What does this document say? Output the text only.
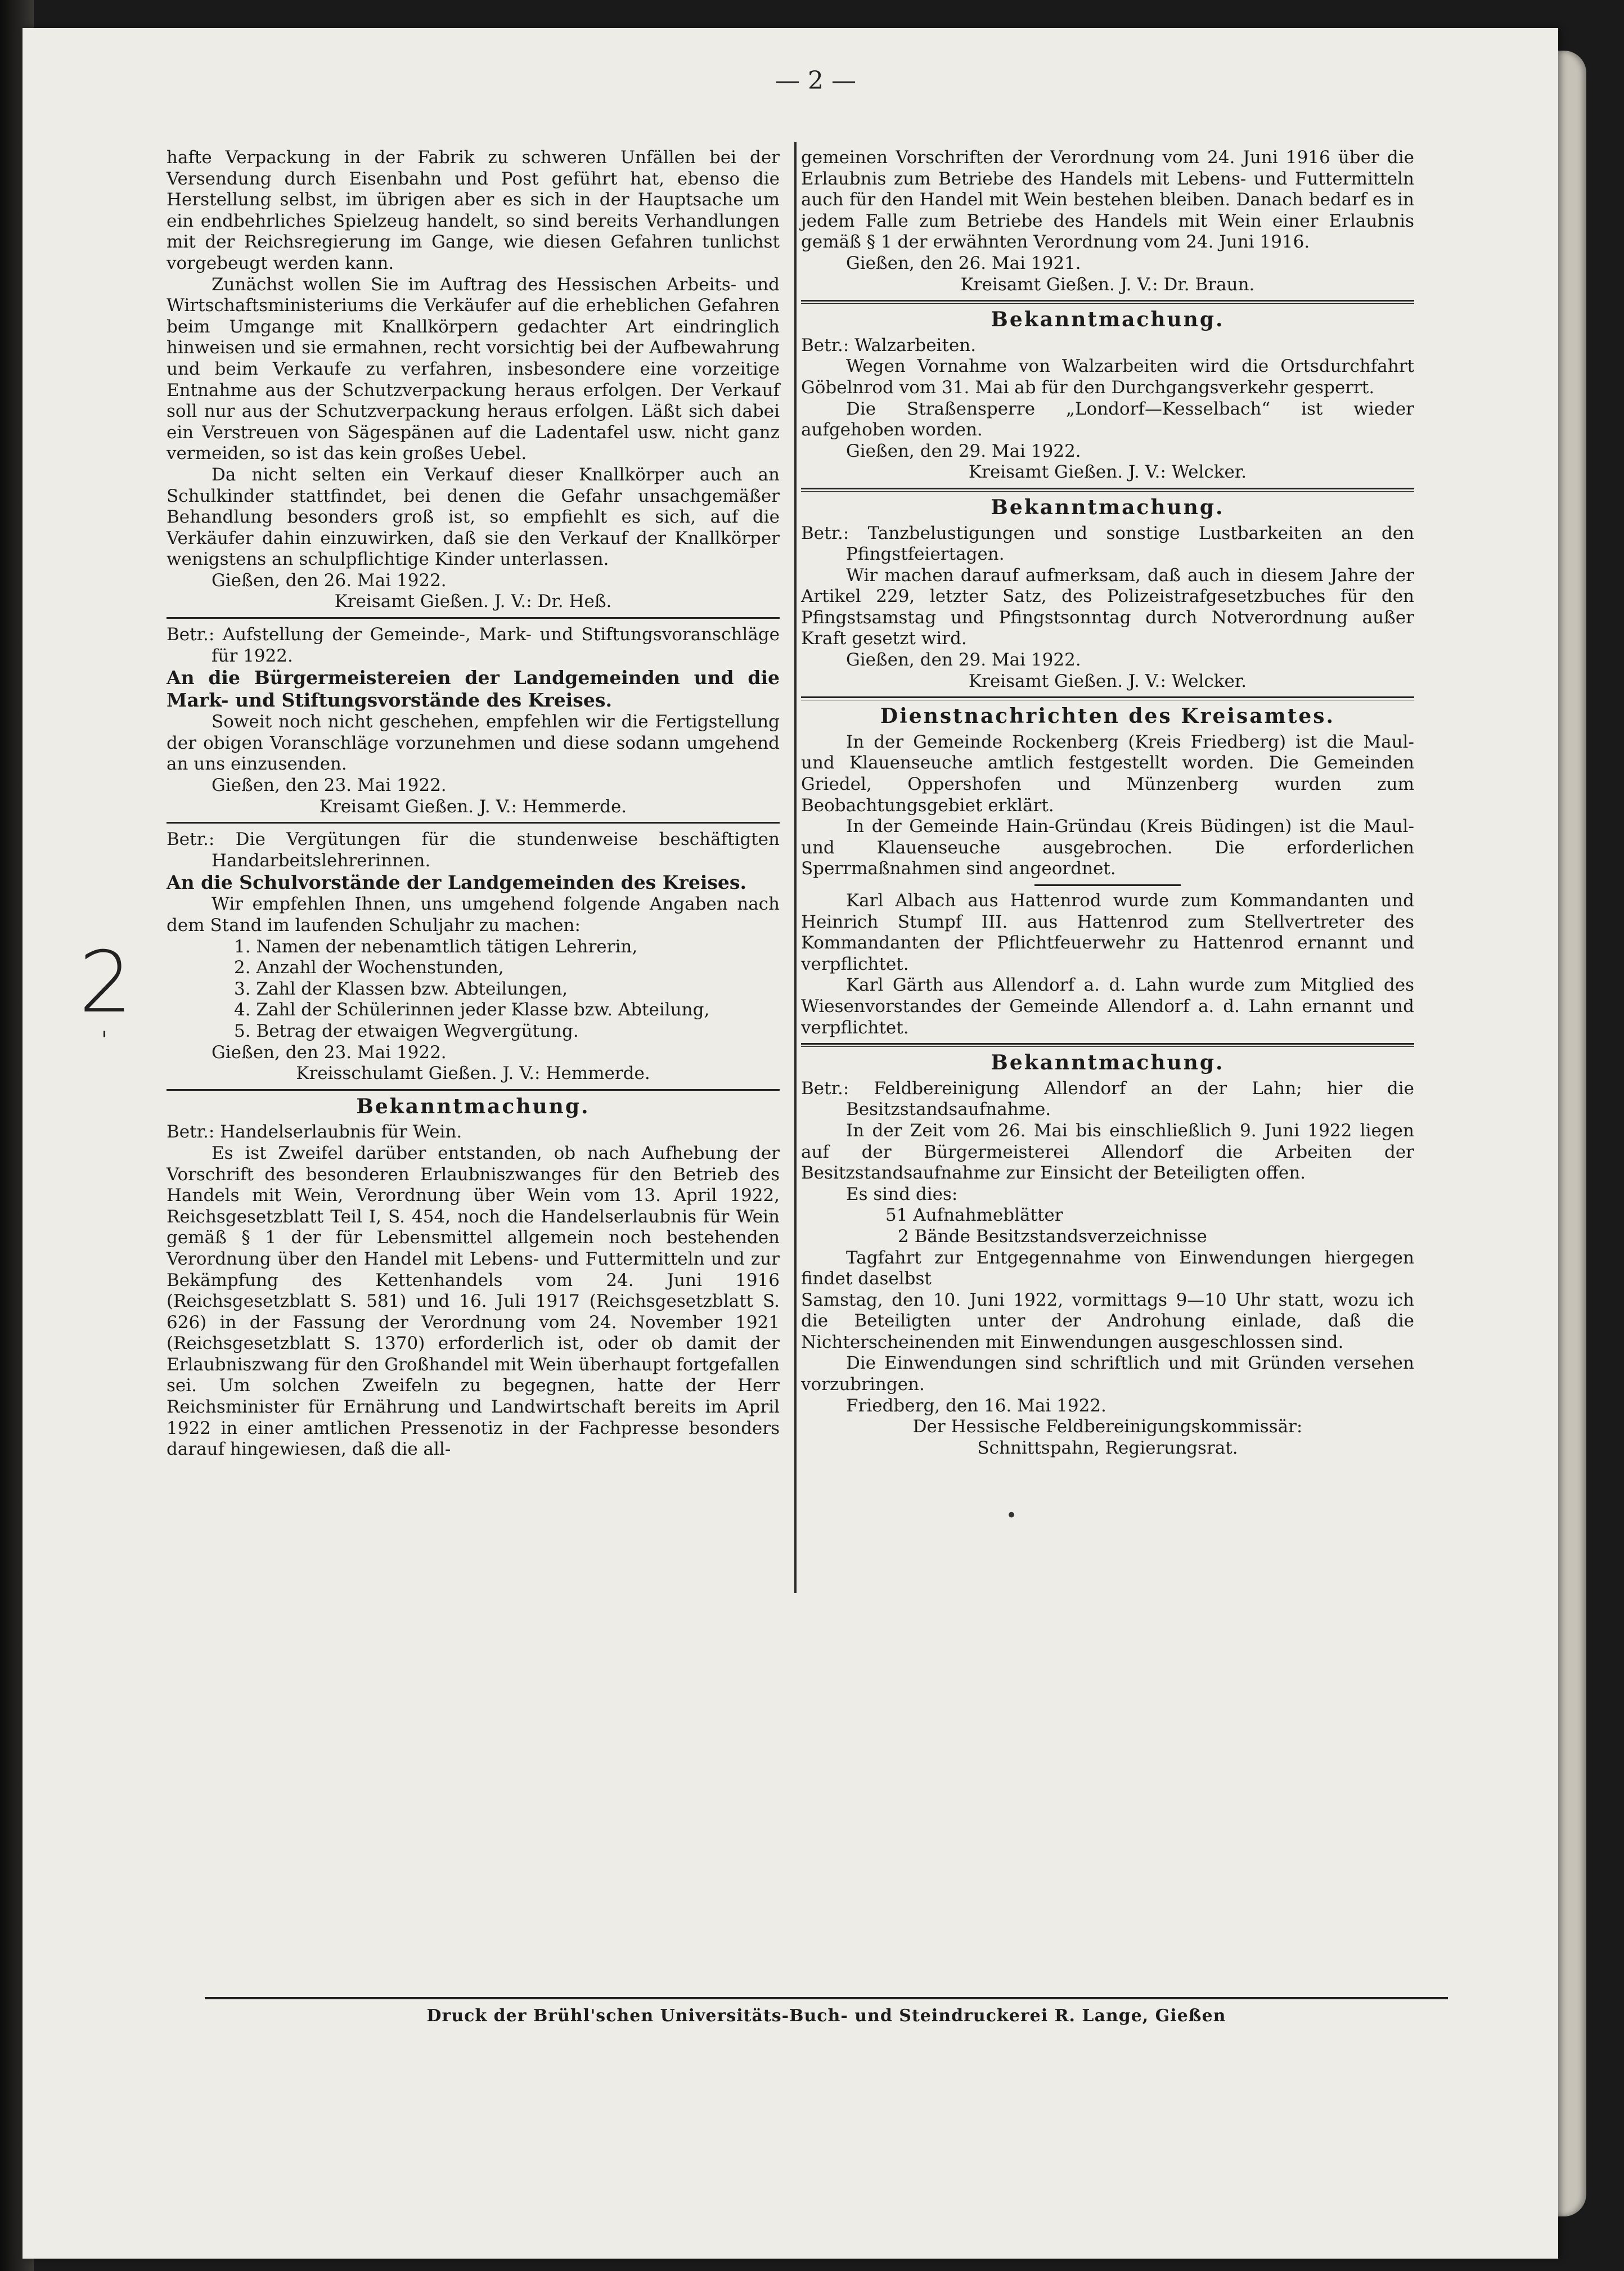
— 2 —
2
'

hafte Verpackung in der Fabrik zu schweren Unfällen bei der Versendung durch Eisenbahn und Post geführt hat, ebenso die Herstellung selbst, im übrigen aber es sich in der Hauptsache um ein endbehrliches Spielzeug handelt, so sind bereits Verhandlungen mit der Reichsregierung im Gange, wie diesen Gefahren tunlichst vorgebeugt werden kann.

Zunächst wollen Sie im Auftrag des Hessischen Arbeits- und Wirtschaftsministeriums die Verkäufer auf die erheblichen Gefahren beim Umgange mit Knallkörpern gedachter Art eindringlich hinweisen und sie ermahnen, recht vorsichtig bei der Aufbewahrung und beim Verkaufe zu verfahren, insbesondere eine vorzeitige Entnahme aus der Schutzverpackung heraus erfolgen. Der Verkauf soll nur aus der Schutzverpackung heraus erfolgen. Läßt sich dabei ein Verstreuen von Sägespänen auf die Ladentafel usw. nicht ganz vermeiden, so ist das kein großes Uebel.

Da nicht selten ein Verkauf dieser Knallkörper auch an Schulkinder stattfindet, bei denen die Gefahr unsachgemäßer Behandlung besonders groß ist, so empfiehlt es sich, auf die Verkäufer dahin einzuwirken, daß sie den Verkauf der Knallkörper wenigstens an schulpflichtige Kinder unterlassen.

Gießen, den 26. Mai 1922.

Kreisamt Gießen. J. V.: Dr. Heß.

Betr.: Aufstellung der Gemeinde-, Mark- und Stiftungsvoranschläge für 1922.

An die Bürgermeistereien der Landgemeinden und die Mark- und Stiftungsvorstände des Kreises.

Soweit noch nicht geschehen, empfehlen wir die Fertigstellung der obigen Voranschläge vorzunehmen und diese sodann umgehend an uns einzusenden.

Gießen, den 23. Mai 1922.

Kreisamt Gießen. J. V.: Hemmerde.

Betr.: Die Vergütungen für die stundenweise beschäftigten Handarbeitslehrerinnen.

An die Schulvorstände der Landgemeinden des Kreises.

Wir empfehlen Ihnen, uns umgehend folgende Angaben nach dem Stand im laufenden Schuljahr zu machen:

1. Namen der nebenamtlich tätigen Lehrerin,
2. Anzahl der Wochenstunden,
3. Zahl der Klassen bzw. Abteilungen,
4. Zahl der Schülerinnen jeder Klasse bzw. Abteilung,
5. Betrag der etwaigen Wegvergütung.

Gießen, den 23. Mai 1922.

Kreisschulamt Gießen. J. V.: Hemmerde.

Bekanntmachung.

Betr.: Handelserlaubnis für Wein.

Es ist Zweifel darüber entstanden, ob nach Aufhebung der Vorschrift des besonderen Erlaubniszwanges für den Betrieb des Handels mit Wein, Verordnung über Wein vom 13. April 1922, Reichsgesetzblatt Teil I, S. 454, noch die Handelserlaubnis für Wein gemäß § 1 der für Lebensmittel allgemein noch bestehenden Verordnung über den Handel mit Lebens- und Futtermitteln und zur Bekämpfung des Kettenhandels vom 24. Juni 1916 (Reichsgesetzblatt S. 581) und 16. Juli 1917 (Reichsgesetzblatt S. 626) in der Fassung der Verordnung vom 24. November 1921 (Reichsgesetzblatt S. 1370) erforderlich ist, oder ob damit der Erlaubniszwang für den Großhandel mit Wein überhaupt fortgefallen sei. Um solchen Zweifeln zu begegnen, hatte der Herr Reichsminister für Ernährung und Landwirtschaft bereits im April 1922 in einer amtlichen Pressenotiz in der Fachpresse besonders darauf hingewiesen, daß die all-

gemeinen Vorschriften der Verordnung vom 24. Juni 1916 über die Erlaubnis zum Betriebe des Handels mit Lebens- und Futtermitteln auch für den Handel mit Wein bestehen bleiben. Danach bedarf es in jedem Falle zum Betriebe des Handels mit Wein einer Erlaubnis gemäß § 1 der erwähnten Verordnung vom 24. Juni 1916.

Gießen, den 26. Mai 1921.

Kreisamt Gießen. J. V.: Dr. Braun.

Bekanntmachung.

Betr.: Walzarbeiten.

Wegen Vornahme von Walzarbeiten wird die Ortsdurchfahrt Göbelnrod vom 31. Mai ab für den Durchgangsverkehr gesperrt.

Die Straßensperre „Londorf—Kesselbach“ ist wieder aufgehoben worden.

Gießen, den 29. Mai 1922.

Kreisamt Gießen. J. V.: Welcker.

Bekanntmachung.

Betr.: Tanzbelustigungen und sonstige Lustbarkeiten an den Pfingstfeiertagen.

Wir machen darauf aufmerksam, daß auch in diesem Jahre der Artikel 229, letzter Satz, des Polizeistrafgesetzbuches für den Pfingstsamstag und Pfingstsonntag durch Notverordnung außer Kraft gesetzt wird.

Gießen, den 29. Mai 1922.

Kreisamt Gießen. J. V.: Welcker.

Dienstnachrichten des Kreisamtes.

In der Gemeinde Rockenberg (Kreis Friedberg) ist die Maul- und Klauenseuche amtlich festgestellt worden. Die Gemeinden Griedel, Oppershofen und Münzenberg wurden zum Beobachtungsgebiet erklärt.

In der Gemeinde Hain-Gründau (Kreis Büdingen) ist die Maul- und Klauenseuche ausgebrochen. Die erforderlichen Sperrmaßnahmen sind angeordnet.

Karl Albach aus Hattenrod wurde zum Kommandanten und Heinrich Stumpf III. aus Hattenrod zum Stellvertreter des Kommandanten der Pflichtfeuerwehr zu Hattenrod ernannt und verpflichtet.

Karl Gärth aus Allendorf a. d. Lahn wurde zum Mitglied des Wiesenvorstandes der Gemeinde Allendorf a. d. Lahn ernannt und verpflichtet.

Bekanntmachung.

Betr.: Feldbereinigung Allendorf an der Lahn; hier die Besitzstandsaufnahme.

In der Zeit vom 26. Mai bis einschließlich 9. Juni 1922 liegen auf der Bürgermeisterei Allendorf die Arbeiten der Besitzstandsaufnahme zur Einsicht der Beteiligten offen.

Es sind dies:

51 Aufnahmeblätter
2 Bände Besitzstandsverzeichnisse

Tagfahrt zur Entgegennahme von Einwendungen hiergegen findet daselbst

Samstag, den 10. Juni 1922, vormittags 9—10 Uhr statt, wozu ich die Beteiligten unter der Androhung einlade, daß die Nichterscheinenden mit Einwendungen ausgeschlossen sind.

Die Einwendungen sind schriftlich und mit Gründen versehen vorzubringen.

Friedberg, den 16. Mai 1922.

Der Hessische Feldbereinigungskommissär:

Schnittspahn, Regierungsrat.

•
Druck der Brühl'schen Universitäts-Buch- und Steindruckerei R. Lange, Gießen
